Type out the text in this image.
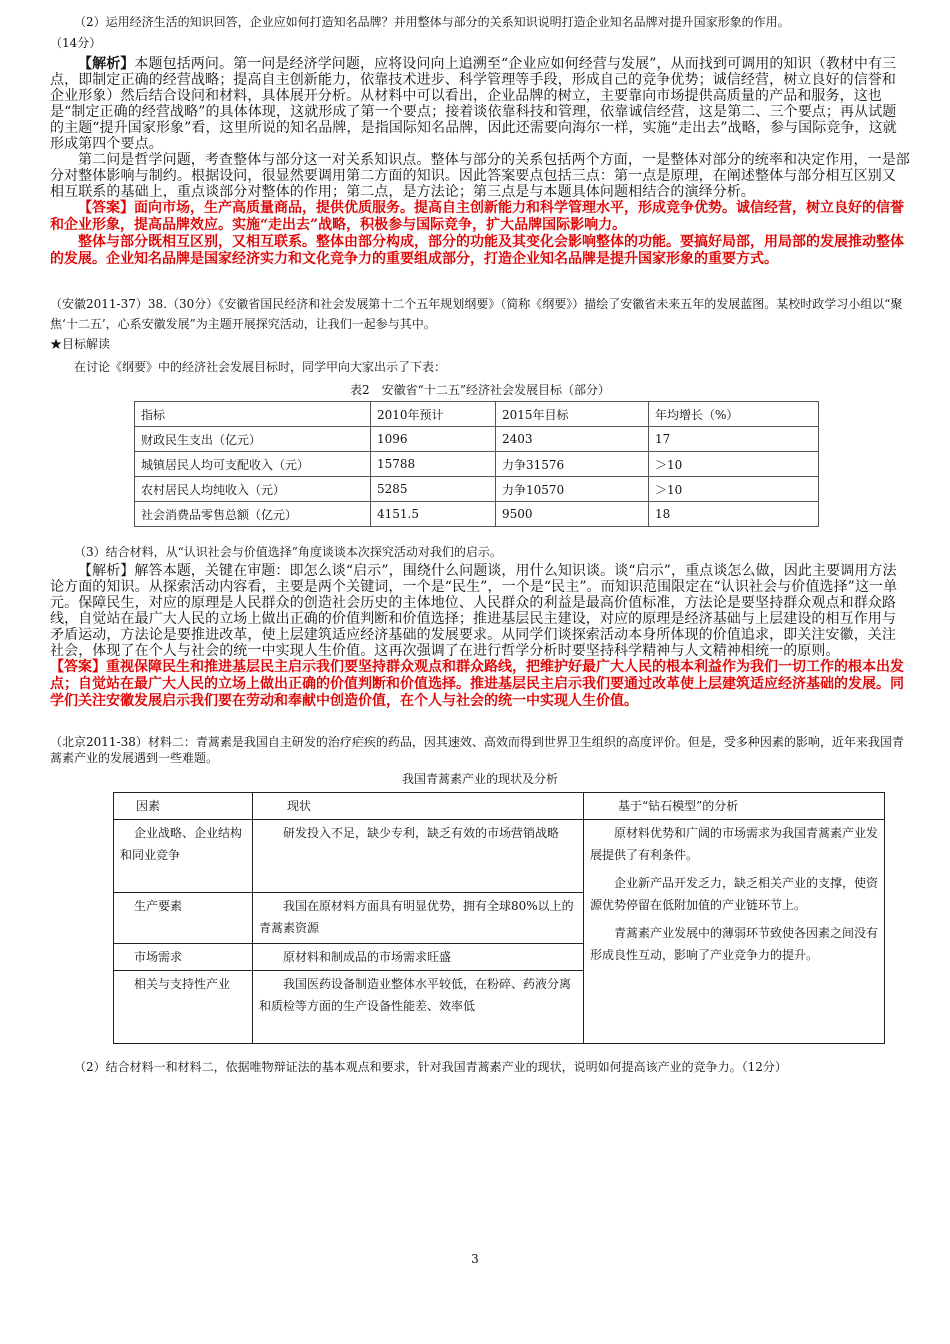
（2）运用经济生活的知识回答，企业应如何打造知名品牌？并用整体与部分的关系知识说明打造企业知名品牌对提升国家形象的作用。

（14分）

【解析】本题包括两问。第一问是经济学问题，应将设问向上追溯至“企业应如何经营与发展”，从而找到可调用的知识（教材中有三点，即制定正确的经营战略；提高自主创新能力，依靠技术进步、科学管理等手段，形成自己的竞争优势；诚信经营，树立良好的信誉和企业形象）然后结合设问和材料，具体展开分析。从材料中可以看出，企业品牌的树立，主要靠向市场提供高质量的产品和服务，这也是“制定正确的经营战略”的具体体现，这就形成了第一个要点；接着谈依靠科技和管理，依靠诚信经营，这是第二、三个要点；再从试题的主题“提升国家形象”看，这里所说的知名品牌，是指国际知名品牌，因此还需要向海尔一样，实施“走出去”战略，参与国际竞争，这就形成第四个要点。

第二问是哲学问题，考查整体与部分这一对关系知识点。整体与部分的关系包括两个方面，一是整体对部分的统率和决定作用，一是部分对整体影响与制约。根据设问，很显然要调用第二方面的知识。因此答案要点包括三点：第一点是原理，在阐述整体与部分相互区别又相互联系的基础上，重点谈部分对整体的作用；第二点，是方法论；第三点是与本题具体问题相结合的演绎分析。

【答案】面向市场，生产高质量商品，提供优质服务。提高自主创新能力和科学管理水平，形成竞争优势。诚信经营，树立良好的信誉和企业形象，提高品牌效应。实施“走出去”战略，积极参与国际竞争，扩大品牌国际影响力。

整体与部分既相互区别，又相互联系。整体由部分构成，部分的功能及其变化会影响整体的功能。要搞好局部，用局部的发展推动整体的发展。企业知名品牌是国家经济实力和文化竞争力的重要组成部分，打造企业知名品牌是提升国家形象的重要方式。

（安徽2011-37）38.（30分）《安徽省国民经济和社会发展第十二个五年规划纲要》（简称《纲要》）描绘了安徽省未来五年的发展蓝图。某校时政学习小组以“聚焦‘十二五’，心系安徽发展”为主题开展探究活动，让我们一起参与其中。

★目标解读

在讨论《纲要》中的经济社会发展目标时，同学甲向大家出示了下表：

表2　安徽省“十二五”经济社会发展目标（部分）

指标	2010年预计	2015年目标	年均增长（%）
财政民生支出（亿元）	1096	2403	17
城镇居民人均可支配收入（元）	15788	力争31576	＞10
农村居民人均纯收入（元）	5285	力争10570	＞10
社会消费品零售总额（亿元）	4151.5	9500	18

（3）结合材料，从“认识社会与价值选择”角度谈谈本次探究活动对我们的启示。

【解析】解答本题，关键在审题：即怎么谈“启示”，围绕什么问题谈，用什么知识谈。谈“启示”，重点谈怎么做，因此主要调用方法论方面的知识。从探索活动内容看，主要是两个关键词，一个是“民生”，一个是“民主”。而知识范围限定在“认识社会与价值选择”这一单元。保障民生，对应的原理是人民群众的创造社会历史的主体地位、人民群众的利益是最高价值标准，方法论是要坚持群众观点和群众路线，自觉站在最广大人民的立场上做出正确的价值判断和价值选择；推进基层民主建设，对应的原理是经济基础与上层建设的相互作用与矛盾运动，方法论是要推进改革，使上层建筑适应经济基础的发展要求。从同学们谈探索活动本身所体现的价值追求，即关注安徽，关注社会，体现了在个人与社会的统一中实现人生价值。这再次强调了在进行哲学分析时要坚持科学精神与人文精神相统一的原则。

【答案】重视保障民生和推进基层民主启示我们要坚持群众观点和群众路线，把维护好最广大人民的根本利益作为我们一切工作的根本出发点；自觉站在最广大人民的立场上做出正确的价值判断和价值选择。推进基层民主启示我们要通过改革使上层建筑适应经济基础的发展。同学们关注安徽发展启示我们要在劳动和奉献中创造价值，在个人与社会的统一中实现人生价值。

（北京2011-38）材料二：青蒿素是我国自主研发的治疗疟疾的药品，因其速效、高效而得到世界卫生组织的高度评价。但是，受多种因素的影响，近年来我国青蒿素产业的发展遇到一些难题。

我国青蒿素产业的现状及分析

因素	现状	基于“钻石模型”的分析
企业战略、企业结构和同业竞争	研发投入不足，缺少专利，缺乏有效的市场营销战略	原材料优势和广阔的市场需求为我国青蒿素产业发展提供了有利条件。

企业新产品开发乏力，缺乏相关产业的支撑，使资源优势停留在低附加值的产业链环节上。

青蒿素产业发展中的薄弱环节致使各因素之间没有形成良性互动，影响了产业竞争力的提升。

生产要素	我国在原材料方面具有明显优势，拥有全球80%以上的青蒿素资源	
市场需求	原材料和制成品的市场需求旺盛	
相关与支持性产业	我国医药设备制造业整体水平较低，在粉碎、药液分离和质检等方面的生产设备性能差、效率低	

（2）结合材料一和材料二，依据唯物辩证法的基本观点和要求，针对我国青蒿素产业的现状，说明如何提高该产业的竞争力。（12分）

3
